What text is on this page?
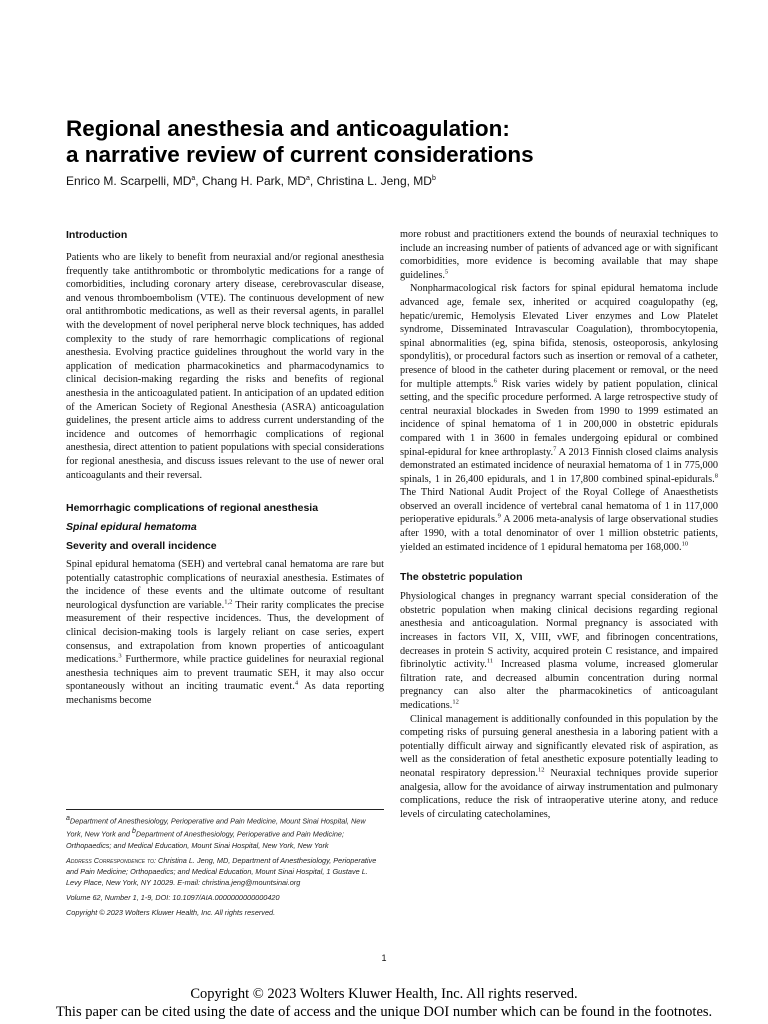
Regional anesthesia and anticoagulation:
a narrative review of current considerations
Enrico M. Scarpelli, $MD^a$, Chang H. Park, $MD^a$, Christina L. Jeng, $MD^b$
Introduction

Patients who are likely to benefit from neuraxial and/or regional anesthesia frequently take antithrombotic or thrombolytic medications for a range of comorbidities, including coronary artery disease, cerebrovascular disease, and venous thromboembolism (VTE). The continuous development of new oral antithrombotic medications, as well as their reversal agents, in parallel with the development of novel peripheral nerve block techniques, has added complexity to the study of rare hemorrhagic complications of regional anesthesia. Evolving practice guidelines throughout the world vary in the application of medication pharmacokinetics and pharmacodynamics to clinical decision-making regarding the risks and benefits of regional anesthesia in the anticoagulated patient. In anticipation of an updated edition of the American Society of Regional Anesthesia (ASRA) anticoagulation guidelines, the present article aims to address current understanding of the incidence and outcomes of hemorrhagic complications of regional anesthesia, direct attention to patient populations with special considerations for regional anesthesia, and discuss issues relevant to the use of newer oral anticoagulants and their reversal.

Hemorrhagic complications of regional anesthesia
Spinal epidural hematoma
Severity and overall incidence

Spinal epidural hematoma (SEH) and vertebral canal hematoma are rare but potentially catastrophic complications of neuraxial anesthesia. Estimates of the incidence of these events and the ultimate outcome of resultant neurological dysfunction are variable.$^{1,2}$ Their rarity complicates the precise measurement of their respective incidences. Thus, the development of clinical decision-making tools is largely reliant on case series, expert consensus, and extrapolation from known properties of anticoagulant medications.$^3$ Furthermore, while practice guidelines for neuraxial regional anesthesia techniques aim to prevent traumatic SEH, it may also occur spontaneously without an inciting traumatic event.$^4$ As data reporting mechanisms become

more robust and practitioners extend the bounds of neuraxial techniques to include an increasing number of patients of advanced age or with significant comorbidities, more evidence is becoming available that may shape guidelines.$^5$

Nonpharmacological risk factors for spinal epidural hematoma include advanced age, female sex, inherited or acquired coagulopathy (eg, hepatic/uremic, Hemolysis Elevated Liver enzymes and Low Platelet syndrome, Disseminated Intravascular Coagulation), thrombocytopenia, spinal abnormalities (eg, spina bifida, stenosis, osteoporosis, ankylosing spondylitis), or procedural factors such as insertion or removal of a catheter, presence of blood in the catheter during placement or removal, or the need for multiple attempts.$^6$ Risk varies widely by patient population, clinical setting, and the specific procedure performed. A large retrospective study of central neuraxial blockades in Sweden from 1990 to 1999 estimated an incidence of spinal hematoma of 1 in 200,000 in obstetric epidurals compared with 1 in 3600 in females undergoing epidural or combined spinal-epidural for knee arthroplasty.$^7$ A 2013 Finnish closed claims analysis demonstrated an estimated incidence of neuraxial hematoma of 1 in 775,000 spinals, 1 in 26,400 epidurals, and 1 in 17,800 combined spinal-epidurals.$^8$ The Third National Audit Project of the Royal College of Anaesthetists observed an overall incidence of vertebral canal hematoma of 1 in 117,000 perioperative epidurals.$^9$ A 2006 meta-analysis of large observational studies after 1990, with a total denominator of over 1 million obstetric patients, yielded an estimated incidence of 1 epidural hematoma per 168,000.10

The obstetric population

Physiological changes in pregnancy warrant special consideration of the obstetric population when making clinical decisions regarding regional anesthesia and anticoagulation. Normal pregnancy is associated with increases in factors VII, X, VIII, vWF, and fibrinogen concentrations, decreases in protein S activity, acquired protein C resistance, and impaired fibrinolytic activity.$^{11}$ Increased plasma volume, increased glomerular filtration rate, and decreased albumin concentration during normal pregnancy can also alter the pharmacokinetics of anticoagulant medications.$^{12}$

Clinical management is additionally confounded in this population by the competing risks of pursuing general anesthesia in a laboring patient with a potentially difficult airway and significantly elevated risk of aspiration, as well as the consideration of fetal anesthetic exposure potentially leading to neonatal respiratory depression.$^{12}$ Neuraxial techniques provide superior analgesia, allow for the avoidance of airway instrumentation and pulmonary complications, reduce the risk of intraoperative uterine atony, and reduce levels of circulating catecholamines,

$^a$Department of Anesthesiology, Perioperative and Pain Medicine, Mount Sinai Hospital, New York, New York and $^b$Department of Anesthesiology, Perioperative and Pain Medicine; Orthopaedics; and Medical Education, Mount Sinai Hospital, New York, New York

Address Correspondence to: Christina L. Jeng, MD, Department of Anesthesiology, Perioperative and Pain Medicine; Orthopaedics; and Medical Education, Mount Sinai Hospital, 1 Gustave L. Levy Place, New York, NY 10029. E-mail: christina.jeng@mountsinai.org

Volume 62, Number 1, 1-9, DOI: 10.1097/AIA.0000000000000420

Copyright © 2023 Wolters Kluwer Health, Inc. All rights reserved.

1
Copyright © 2023 Wolters Kluwer Health, Inc. All rights reserved.
This paper can be cited using the date of access and the unique DOI number which can be found in the footnotes.
